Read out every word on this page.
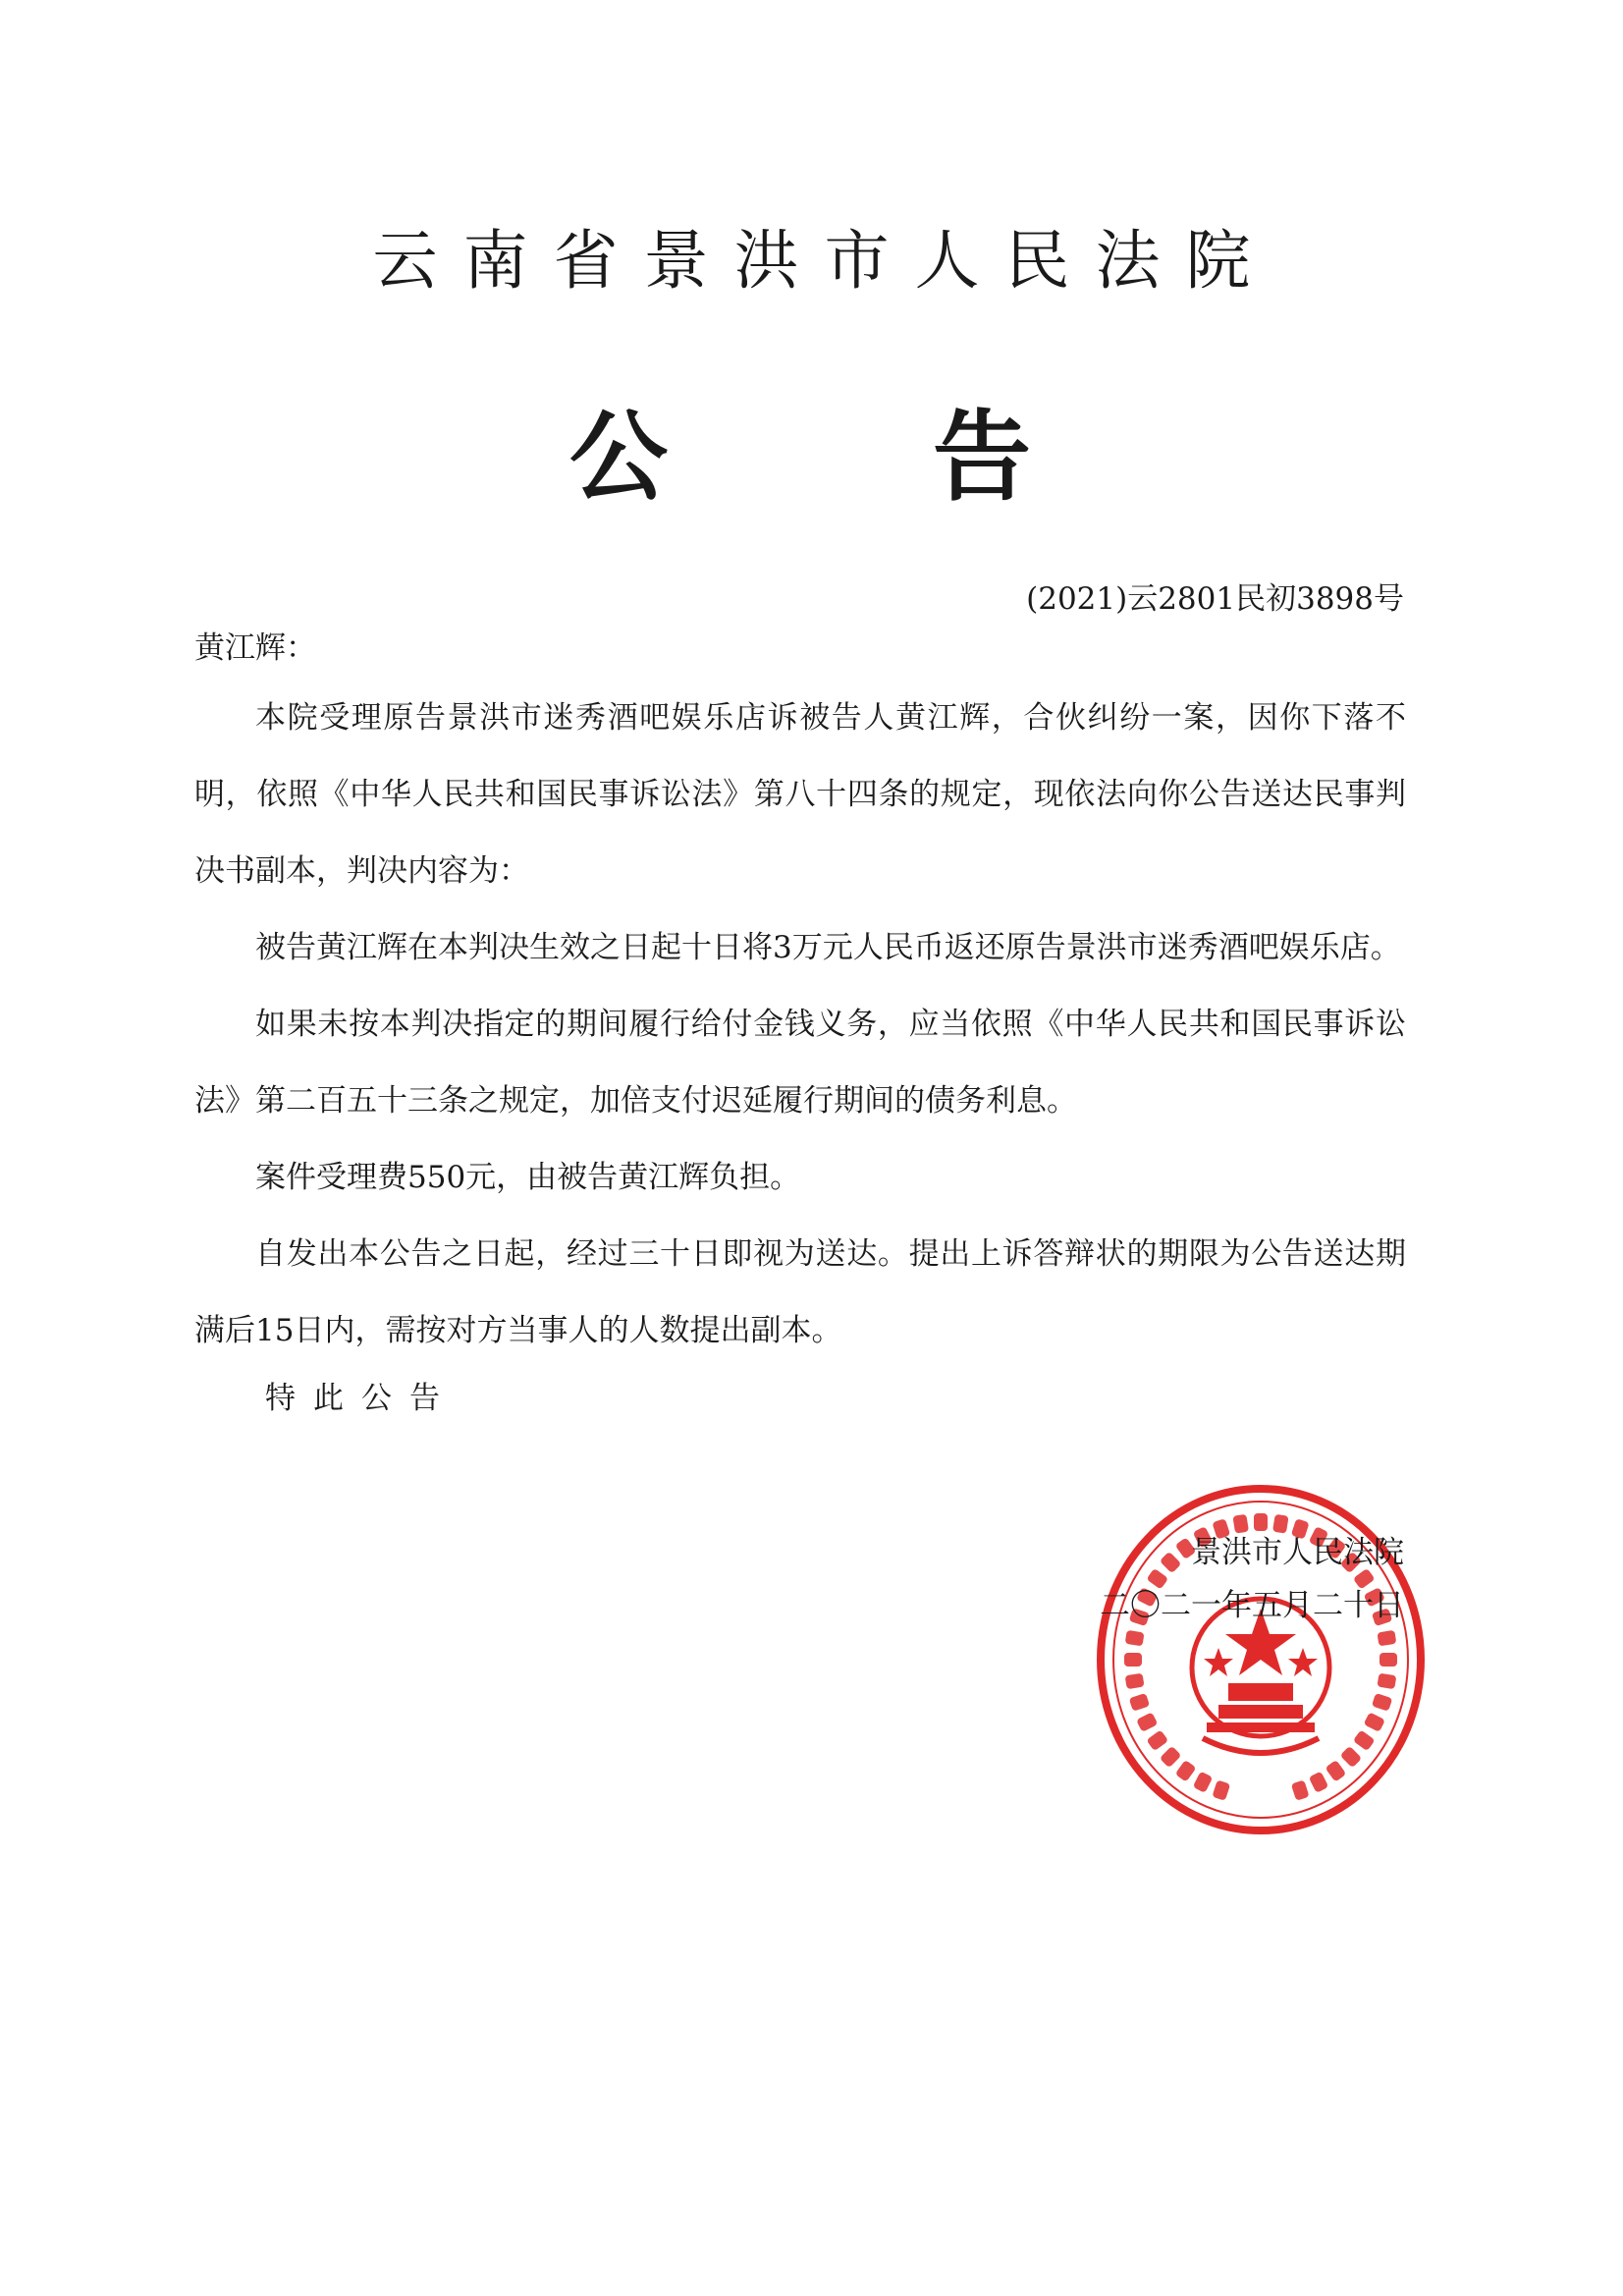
云南省景洪市人民法院
公	告
(2021)云2801民初3898号
黄江辉：

本院受理原告景洪市迷秀酒吧娱乐店诉被告人黄江辉，合伙纠纷一案，因你下落不明，依照《中华人民共和国民事诉讼法》第八十四条的规定，现依法向你公告送达民事判决书副本，判决内容为：

被告黄江辉在本判决生效之日起十日将3万元人民币返还原告景洪市迷秀酒吧娱乐店。

如果未按本判决指定的期间履行给付金钱义务，应当依照《中华人民共和国民事诉讼法》第二百五十三条之规定，加倍支付迟延履行期间的债务利息。

案件受理费550元，由被告黄江辉负担。

自发出本公告之日起，经过三十日即视为送达。提出上诉答辩状的期限为公告送达期满后15日内，需按对方当事人的人数提出副本。

特此公告
景洪市人民法院
二〇二一年五月二十日
